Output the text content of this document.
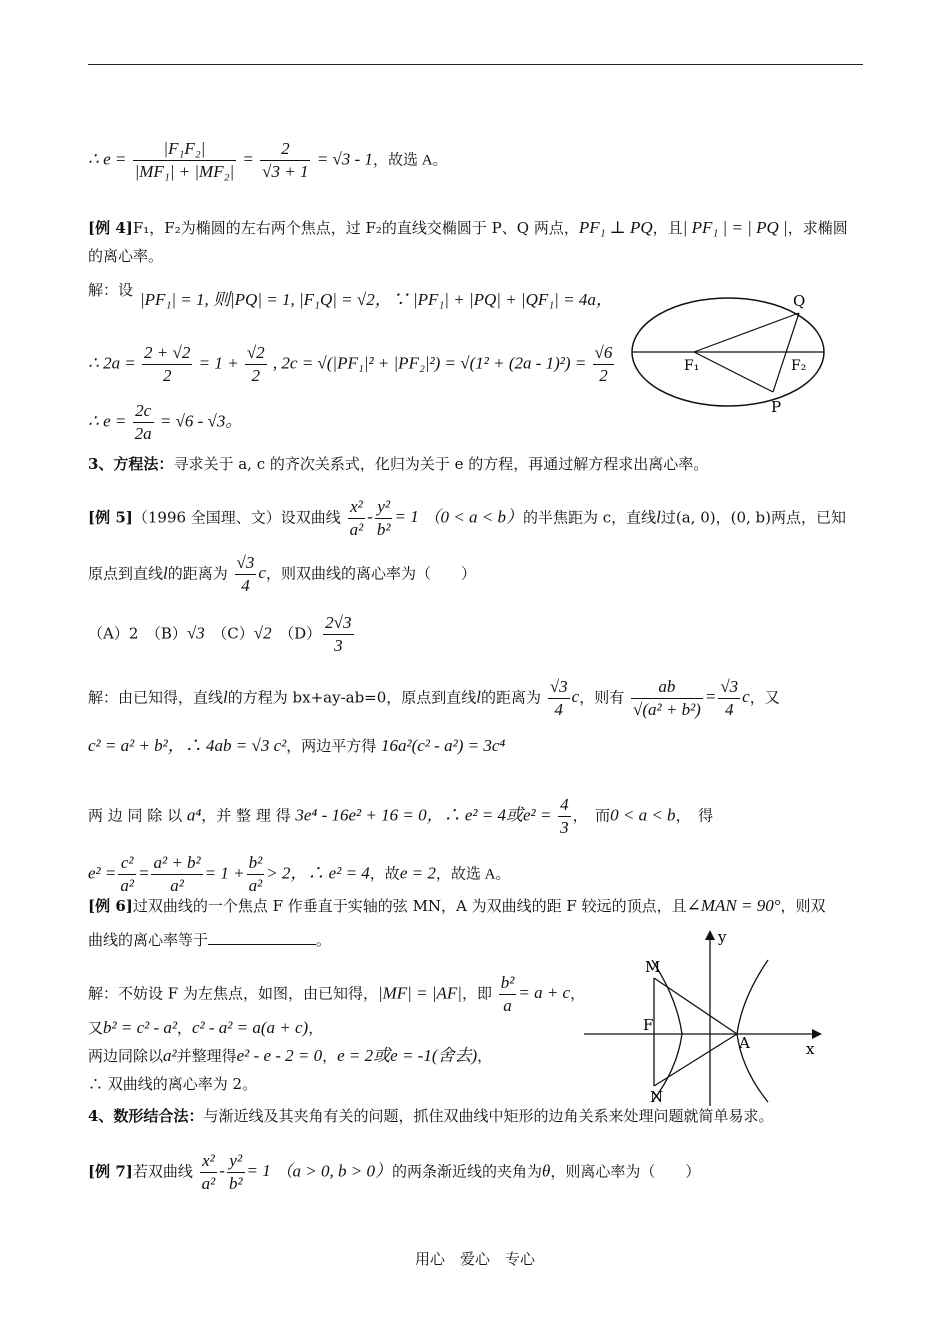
∴ $e = \frac{\text{|F₁F₂|}}{\text{|MF₁| + |MF₂|}} = \frac{2}{√3 + 1} = √3 - 1$，故选 A。
[例 4]F₁，F₂为椭圆的左右两个焦点，过 F₂的直线交椭圆于 P、Q 两点，PF₁ ⊥ PQ，且| PF₁ | = | PQ |，求椭圆
的离心率。
解：设 |PF₁| = 1, 则|PQ| = 1, |F₁Q| = √2，∵ |PF₁| + |PQ| + |QF₁| = 4a，
∴ $2a = \frac{2 + √2}{2} = 1 + \frac{√2}{2}$ , $2c = √(|PF_1|^2 + |PF_2|^2) = √(1^2 + (2a - 1)^2) = \frac{√6}{2}$
∴ $e = \frac{2c}{2a} = √6 - √3$。
Q
F₁	F₂
P
3、方程法：寻求关于 a, c 的齐次关系式，化归为关于 e 的方程，再通过解方程求出离心率。
[例 5]（1996 全国理、文）设双曲线 $\frac{\text{x²}}{\text{a²}} - \frac{\text{y²}}{\text{b²}} = 1$ （0 < a < b）的半焦距为 c，直线l过(a, 0)，(0, b)两点，已知
原点到直线l的距离为 $\frac{√3}{4}$ c，则双曲线的离心率为（　　）
（A）2　 （B）√3　 （C）√2　 $(D) \frac{2√3}{3}$
解：由已知得，直线l的方程为 bx+ay-ab=0，原点到直线l的距离为 $\frac{√3}{4}$ c，则有 $\frac{ab}{\text{√(a² + b²)}} = \frac{√3}{4}$ c，又
c² = a² + b²，∴ 4ab = √3 c²，两边平方得 16a²(c² - a²) = 3c⁴
两 边 同 除 以 a⁴，并 整 理 得 3e⁴ - 16e² + 16 = 0，∴ e² = 4或$e^2 = \frac{4}{3}$ ，　而0 < a < b，　得
$e^2 = \frac{\text{c²}}{\text{a²}} = \frac{\text{a² + b²}}{\text{a²}} = 1 + \frac{\text{b²}}{\text{a²}} > 2$，∴ e² = 4，故e = 2，故选 A。
[例 6]过双曲线的一个焦点 F 作垂直于实轴的弦 MN，A 为双曲线的距 F 较远的顶点，且∠MAN = 90°，则双
曲线的离心率等于	。
解：不妨设 F 为左焦点，如图，由已知得，|MF| = |AF|，即 $\frac{\text{b²}}{a} = a + c$，
又b² = c² - a²，c² - a² = a(a + c)，
两边同除以a²并整理得e² - e - 2 = 0，e = 2或e = -1(舍去)，
∴ 双曲线的离心率为 2。
y
x
M
F
A
N
4、数形结合法：与渐近线及其夹角有关的问题，抓住双曲线中矩形的边角关系来处理问题就简单易求。
[例 7]若双曲线 $\frac{\text{x²}}{\text{a²}} - \frac{\text{y²}}{\text{b²}} = 1$ （a > 0, b > 0）的两条渐近线的夹角为θ，则离心率为（　　）
用心　爱心　专心
